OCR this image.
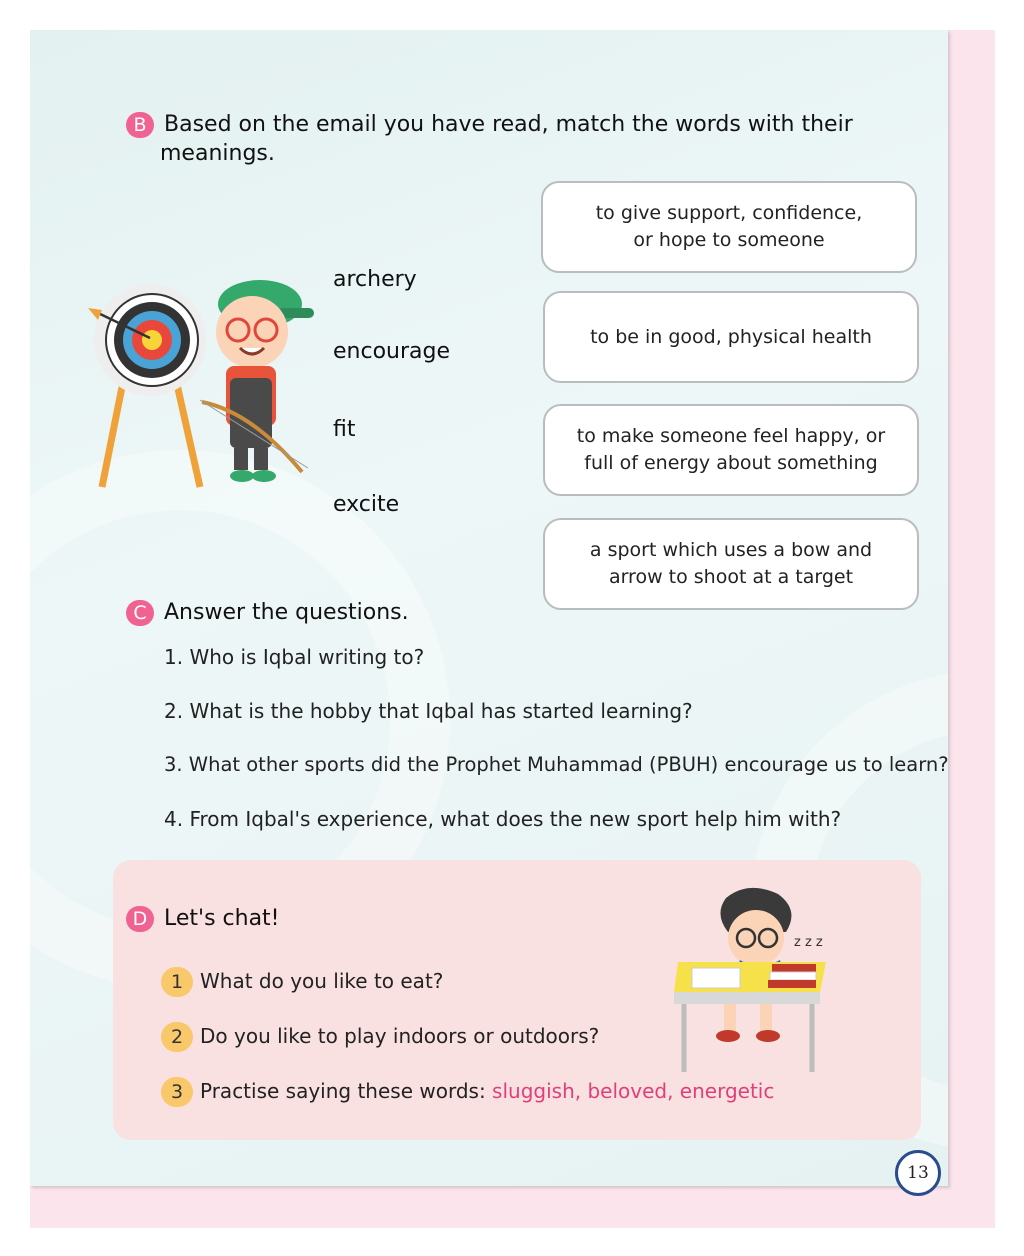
B Based on the email you have read, match the words with their
meanings.
archery
encourage
fit
excite
to give support, confidence,
or hope to someone
to be in good, physical health
to make someone feel happy, or
full of energy about something
a sport which uses a bow and
arrow to shoot at a target
C Answer the questions.
1. Who is Iqbal writing to?
2. What is the hobby that Iqbal has started learning?
3. What other sports did the Prophet Muhammad (PBUH) encourage us to learn?
4. From Iqbal's experience, what does the new sport help him with?
D Let's chat!
1 What do you like to eat?
2 Do you like to play indoors or outdoors?
3 Practise saying these words: sluggish, beloved, energetic
z z z
13
